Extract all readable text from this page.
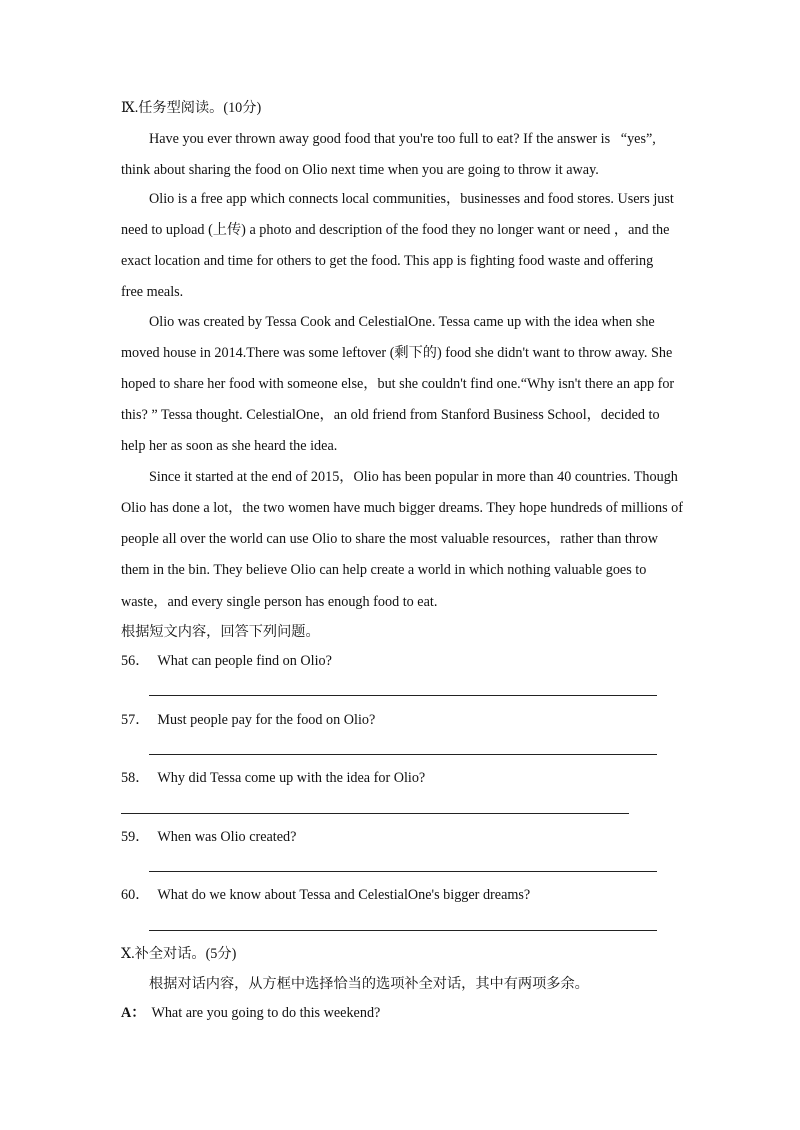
Ⅸ.任务型阅读。(10分)
Have you ever thrown away good food that you're too full to eat? If the answer is   “yes”,
think about sharing the food on Olio next time when you are going to throw it away.
Olio is a free app which connects local communities，businesses and food stores. Users just
need to upload (上传) a photo and description of the food they no longer want or need ，and the
exact location and time for others to get the food. This app is fighting food waste and offering
free meals.
Olio was created by Tessa Cook and CelestialOne. Tessa came up with the idea when she
moved house in 2014.There was some leftover (剩下的) food she didn't want to throw away. She
hoped to share her food with someone else，but she couldn't find one.“Why isn't there an app for
this? ” Tessa thought. CelestialOne，an old friend from Stanford Business School，decided to
help her as soon as she heard the idea.
Since it started at the end of 2015，Olio has been popular in more than 40 countries. Though
Olio has done a lot，the two women have much bigger dreams. They hope hundreds of millions of
people all over the world can use Olio to share the most valuable resources，rather than throw
them in the bin. They believe Olio can help create a world in which nothing valuable goes to
waste，and every single person has enough food to eat.
根据短文内容，回答下列问题。
56． What can people find on Olio?
57． Must people pay for the food on Olio?
58． Why did Tessa come up with the idea for Olio?
59． When was Olio created?
60． What do we know about Tessa and CelestialOne's bigger dreams?
Ⅹ.补全对话。(5分)
根据对话内容，从方框中选择恰当的选项补全对话，其中有两项多余。
A： What are you going to do this weekend?
